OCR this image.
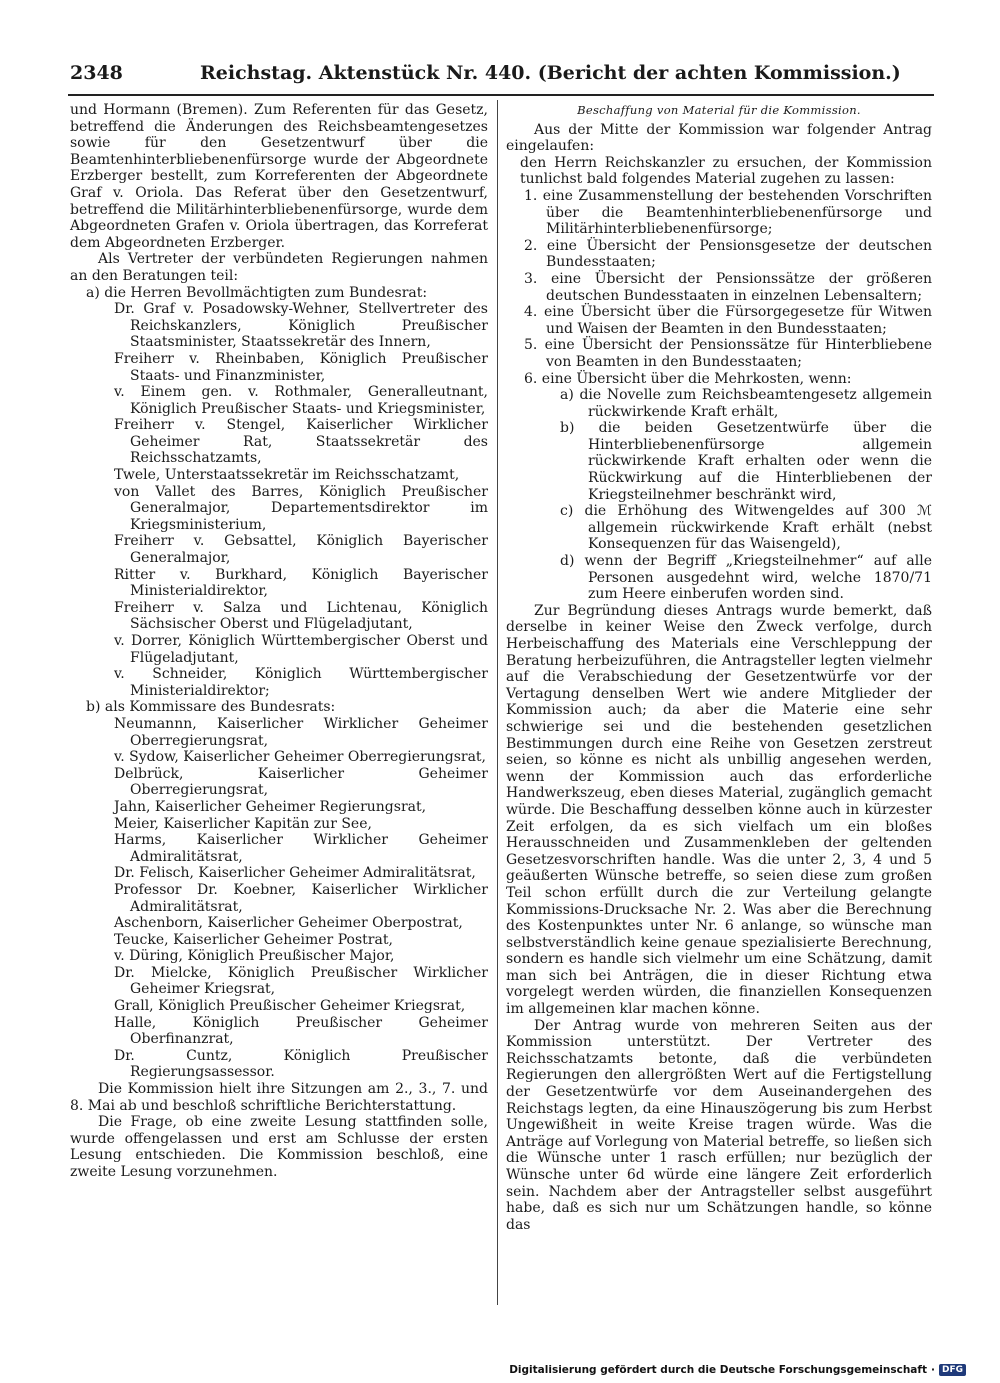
2348	Reichstag. Aktenstück Nr. 440. (Bericht der achten Kommission.)

und Hormann (Bremen). Zum Referenten für das Gesetz, betreffend die Änderungen des Reichsbeamtengesetzes sowie für den Gesetzentwurf über die Beamtenhinterbliebenenfürsorge wurde der Abgeordnete Erzberger bestellt, zum Korreferenten der Abgeordnete Graf v. Oriola. Das Referat über den Gesetzentwurf, betreffend die Militärhinterbliebenenfürsorge, wurde dem Abgeordneten Grafen v. Oriola übertragen, das Korreferat dem Abgeordneten Erzberger.

Als Vertreter der verbündeten Regierungen nahmen an den Beratungen teil:

a) die Herren Bevollmächtigten zum Bundesrat:

Dr. Graf v. Posadowsky-Wehner, Stellvertreter des Reichskanzlers, Königlich Preußischer Staatsminister, Staatssekretär des Innern,

Freiherr v. Rheinbaben, Königlich Preußischer Staats- und Finanzminister,

v. Einem gen. v. Rothmaler, Generalleutnant, Königlich Preußischer Staats- und Kriegsminister,

Freiherr v. Stengel, Kaiserlicher Wirklicher Geheimer Rat, Staatssekretär des Reichsschatzamts,

Twele, Unterstaatssekretär im Reichsschatzamt,

von Vallet des Barres, Königlich Preußischer Generalmajor, Departementsdirektor im Kriegsministerium,

Freiherr v. Gebsattel, Königlich Bayerischer Generalmajor,

Ritter v. Burkhard, Königlich Bayerischer Ministerialdirektor,

Freiherr v. Salza und Lichtenau, Königlich Sächsischer Oberst und Flügeladjutant,

v. Dorrer, Königlich Württembergischer Oberst und Flügeladjutant,

v. Schneider, Königlich Württembergischer Ministerialdirektor;

b) als Kommissare des Bundesrats:

Neumannn, Kaiserlicher Wirklicher Geheimer Oberregierungsrat,

v. Sydow, Kaiserlicher Geheimer Oberregierungsrat,

Delbrück, Kaiserlicher Geheimer Oberregierungsrat,

Jahn, Kaiserlicher Geheimer Regierungsrat,

Meier, Kaiserlicher Kapitän zur See,

Harms, Kaiserlicher Wirklicher Geheimer Admiralitätsrat,

Dr. Felisch, Kaiserlicher Geheimer Admiralitätsrat,

Professor Dr. Koebner, Kaiserlicher Wirklicher Admiralitätsrat,

Aschenborn, Kaiserlicher Geheimer Oberpostrat,

Teucke, Kaiserlicher Geheimer Postrat,

v. Düring, Königlich Preußischer Major,

Dr. Mielcke, Königlich Preußischer Wirklicher Geheimer Kriegsrat,

Grall, Königlich Preußischer Geheimer Kriegsrat,

Halle, Königlich Preußischer Geheimer Oberfinanzrat,

Dr. Cuntz, Königlich Preußischer Regierungsassessor.

Die Kommission hielt ihre Sitzungen am 2., 3., 7. und 8. Mai ab und beschloß schriftliche Berichterstattung.

Die Frage, ob eine zweite Lesung stattfinden solle, wurde offengelassen und erst am Schlusse der ersten Lesung entschieden. Die Kommission beschloß, eine zweite Lesung vorzunehmen.

Beschaffung von Material für die Kommission.

Aus der Mitte der Kommission war folgender Antrag eingelaufen:

den Herrn Reichskanzler zu ersuchen, der Kommission tunlichst bald folgendes Material zugehen zu lassen:

1. eine Zusammenstellung der bestehenden Vorschriften über die Beamtenhinterbliebenenfürsorge und Militärhinterbliebenenfürsorge;

2. eine Übersicht der Pensionsgesetze der deutschen Bundesstaaten;

3. eine Übersicht der Pensionssätze der größeren deutschen Bundesstaaten in einzelnen Lebensaltern;

4. eine Übersicht über die Fürsorgegesetze für Witwen und Waisen der Beamten in den Bundesstaaten;

5. eine Übersicht der Pensionssätze für Hinterbliebene von Beamten in den Bundesstaaten;

6. eine Übersicht über die Mehrkosten, wenn:

a) die Novelle zum Reichsbeamtengesetz allgemein rückwirkende Kraft erhält,

b) die beiden Gesetzentwürfe über die Hinterbliebenenfürsorge allgemein rückwirkende Kraft erhalten oder wenn die Rückwirkung auf die Hinterbliebenen der Kriegsteilnehmer beschränkt wird,

c) die Erhöhung des Witwengeldes auf 300 ℳ allgemein rückwirkende Kraft erhält (nebst Konsequenzen für das Waisengeld),

d) wenn der Begriff „Kriegsteilnehmer“ auf alle Personen ausgedehnt wird, welche 1870/71 zum Heere einberufen worden sind.

Zur Begründung dieses Antrags wurde bemerkt, daß derselbe in keiner Weise den Zweck verfolge, durch Herbeischaffung des Materials eine Verschleppung der Beratung herbeizuführen, die Antragsteller legten vielmehr auf die Verabschiedung der Gesetzentwürfe vor der Vertagung denselben Wert wie andere Mitglieder der Kommission auch; da aber die Materie eine sehr schwierige sei und die bestehenden gesetzlichen Bestimmungen durch eine Reihe von Gesetzen zerstreut seien, so könne es nicht als unbillig angesehen werden, wenn der Kommission auch das erforderliche Handwerkszeug, eben dieses Material, zugänglich gemacht würde. Die Beschaffung desselben könne auch in kürzester Zeit erfolgen, da es sich vielfach um ein bloßes Herausschneiden und Zusammenkleben der geltenden Gesetzesvorschriften handle. Was die unter 2, 3, 4 und 5 geäußerten Wünsche betreffe, so seien diese zum großen Teil schon erfüllt durch die zur Verteilung gelangte Kommissions-Drucksache Nr. 2. Was aber die Berechnung des Kostenpunktes unter Nr. 6 anlange, so wünsche man selbstverständlich keine genaue spezialisierte Berechnung, sondern es handle sich vielmehr um eine Schätzung, damit man sich bei Anträgen, die in dieser Richtung etwa vorgelegt werden würden, die finanziellen Konsequenzen im allgemeinen klar machen könne.

Der Antrag wurde von mehreren Seiten aus der Kommission unterstützt. Der Vertreter des Reichsschatzamts betonte, daß die verbündeten Regierungen den allergrößten Wert auf die Fertigstellung der Gesetzentwürfe vor dem Auseinandergehen des Reichstags legten, da eine Hinauszögerung bis zum Herbst Ungewißheit in weite Kreise tragen würde. Was die Anträge auf Vorlegung von Material betreffe, so ließen sich die Wünsche unter 1 rasch erfüllen; nur bezüglich der Wünsche unter 6d würde eine längere Zeit erforderlich sein. Nachdem aber der Antragsteller selbst ausgeführt habe, daß es sich nur um Schätzungen handle, so könne das

Digitalisierung gefördert durch die Deutsche Forschungsgemeinschaft · DFG
